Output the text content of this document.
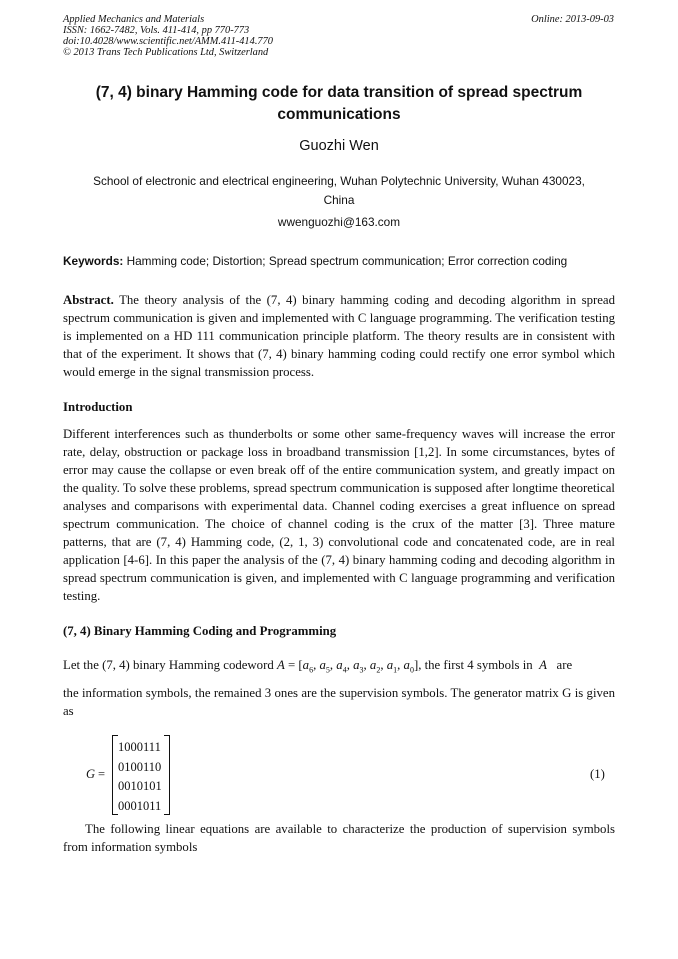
Applied Mechanics and Materials
ISSN: 1662-7482, Vols. 411-414, pp 770-773
doi:10.4028/www.scientific.net/AMM.411-414.770
© 2013 Trans Tech Publications Ltd, Switzerland
Online: 2013-09-03
(7, 4) binary Hamming code for data transition of spread spectrum
communications
Guozhi Wen
School of electronic and electrical engineering, Wuhan Polytechnic University, Wuhan 430023,
China
wwenguozhi@163.com
Keywords: Hamming code; Distortion; Spread spectrum communication; Error correction coding
Abstract. The theory analysis of the (7, 4) binary hamming coding and decoding algorithm in spread spectrum communication is given and implemented with C language programming. The verification testing is implemented on a HD 111 communication principle platform. The theory results are in consistent with that of the experiment. It shows that (7, 4) binary hamming coding could rectify one error symbol which would emerge in the signal transmission process.
Introduction
Different interferences such as thunderbolts or some other same-frequency waves will increase the error rate, delay, obstruction or package loss in broadband transmission [1,2]. In some circumstances, bytes of error may cause the collapse or even break off of the entire communication system, and greatly impact on the quality. To solve these problems, spread spectrum communication is supposed after longtime theoretical analyses and comparisons with experimental data. Channel coding exercises a great influence on spread spectrum communication. The choice of channel coding is the crux of the matter [3]. Three mature patterns, that are (7, 4) Hamming code, (2, 1, 3) convolutional code and concatenated code, are in real application [4-6]. In this paper the analysis of the (7, 4) binary hamming coding and decoding algorithm in spread spectrum communication is given, and implemented with C language programming and verification testing.
(7, 4) Binary Hamming Coding and Programming
Let the (7, 4) binary Hamming codeword $A = [a_6$, $a_5$, $a_4$, $a_3$, $a_2$, $a_1$, $a_0$], the first 4 symbols in A are
the information symbols, the remained 3 ones are the supervision symbols. The generator matrix G is given as
G =
1000111
0100110
0010101
0001011
(1)
The following linear equations are available to characterize the production of supervision symbols from information symbols
